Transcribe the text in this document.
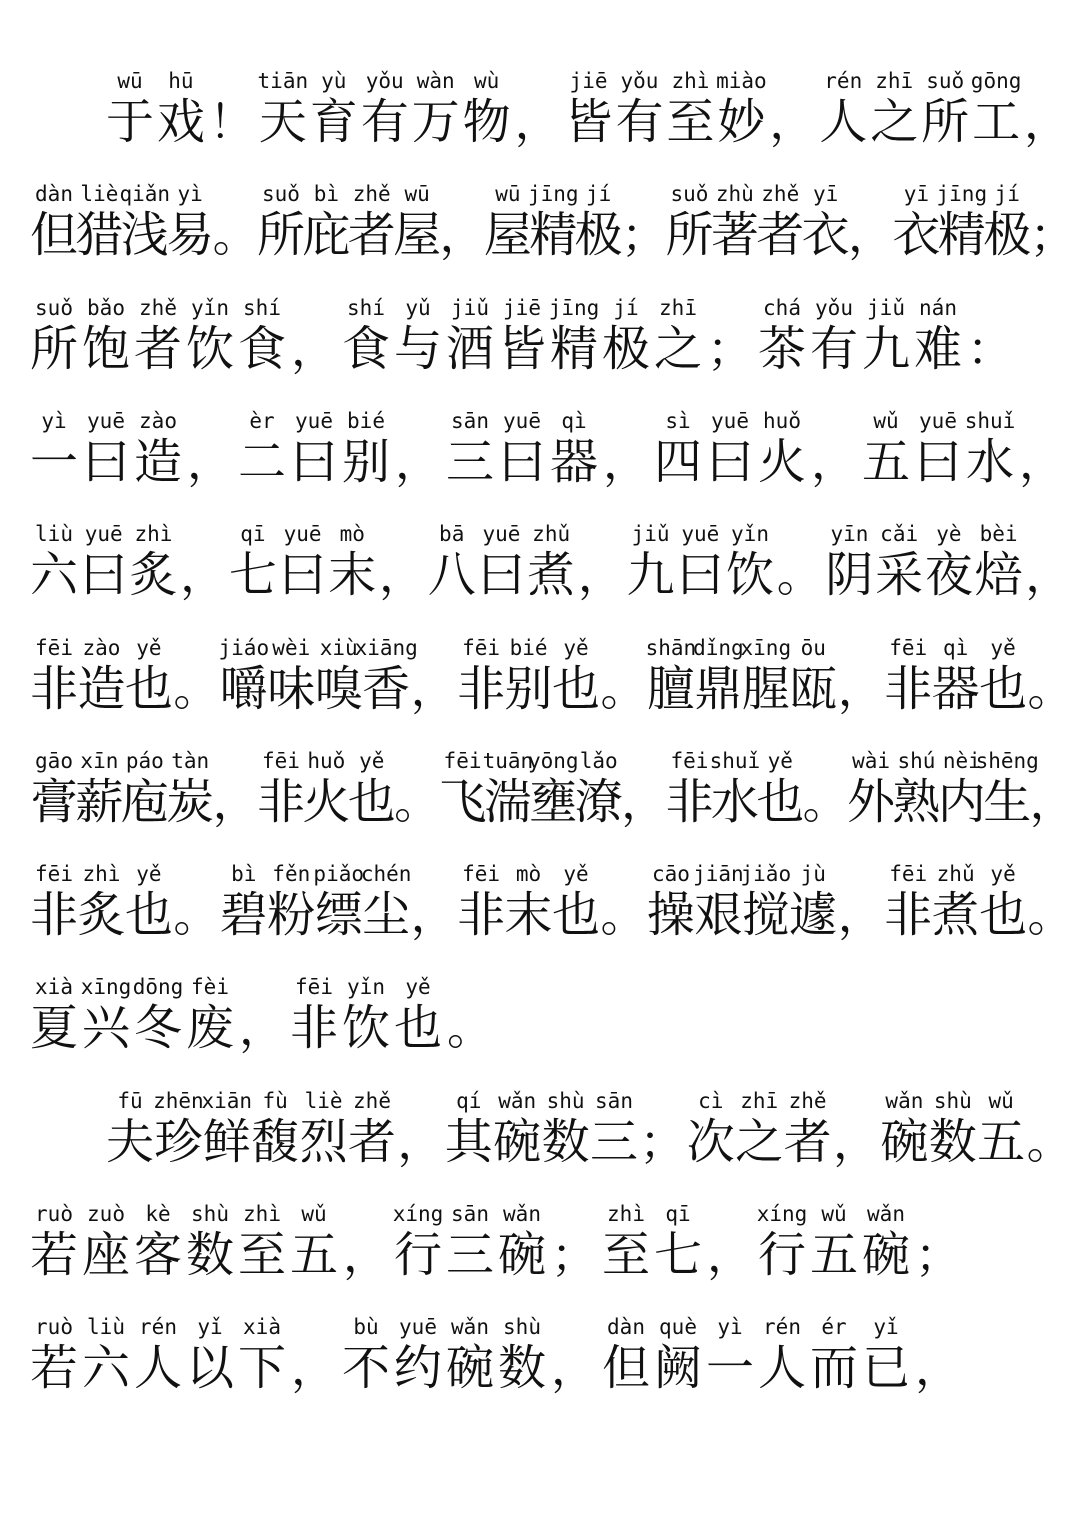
wū
于
hū
戏 ！
tiān
天
yù
育
yǒu
有
wàn
万
wù
物 ，
jiē
皆
yǒu
有
zhì
至
miào
妙 ，
rén
人
zhī
之
suǒ
所
gōng
工 ，
dàn
但
liè
猎
qiǎn
浅
yì
易
。
suǒ
所
bì
庇
zhě
者
wū
屋
，
wū
屋
jīng
精
jí
极
；
suǒ
所
zhù
著
zhě
者
yī
衣
，
yī
衣
jīng
精
jí
极
；
suǒ
所
bǎo
饱
zhě
者
yǐn
饮
shí
食 ，
shí
食
yǔ
与
jiǔ
酒
jiē
皆
jīng
精
jí
极
zhī
之 ；
chá
茶
yǒu
有
jiǔ
九
nán
难 ：
yì
一
yuē
曰
zào
造 ，
èr
二
yuē
曰
bié
别 ，
sān
三
yuē
曰
qì
器 ，
sì
四
yuē
曰
huǒ
火 ，
wǔ
五
yuē
曰
shuǐ
水 ，
liù
六
yuē
曰
zhì
炙 ，
qī
七
yuē
曰
mò
末 ，
bā
八
yuē
曰
zhǔ
煮 ，
jiǔ
九
yuē
曰
yǐn
饮 。
yīn
阴
cǎi
采
yè
夜
bèi
焙 ，
fēi
非
zào
造
yě
也 。
jiáo
嚼
wèi
味
xiù
嗅
xiāng
香 ，
fēi
非
bié
别
yě
也 。
shān
膻
dǐng
鼎
xīng
腥
ōu
瓯 ，
fēi
非
qì
器
yě
也 。
gāo
膏
xīn
薪
páo
庖
tàn
炭
，
fēi
非
huǒ
火
yě
也
。
fēi
飞
tuān
湍
yōng
壅
lǎo
潦
，
fēi
非
shuǐ
水
yě
也
。
wài
外
shú
熟
nèi
内
shēng
生
，
fēi
非
zhì
炙
yě
也 。
bì
碧
fěn
粉
piǎo
缥
chén
尘 ，
fēi
非
mò
末
yě
也 。
cāo
操
jiān
艰
jiǎo
搅
jù
遽 ，
fēi
非
zhǔ
煮
yě
也 。
xià
夏
xīng
兴
dōng
冬
fèi
废 ，
fēi
非
yǐn
饮
yě
也 。
fū
夫
zhēn
珍
xiān
鲜
fù
馥
liè
烈
zhě
者 ，
qí
其
wǎn
碗
shù
数
sān
三 ；
cì
次
zhī
之
zhě
者 ，
wǎn
碗
shù
数
wǔ
五 。
ruò
若
zuò
座
kè
客
shù
数
zhì
至
wǔ
五 ，
xíng
行
sān
三
wǎn
碗 ；
zhì
至
qī
七 ，
xíng
行
wǔ
五
wǎn
碗 ；
ruò
若
liù
六
rén
人
yǐ
以
xià
下 ，
bù
不
yuē
约
wǎn
碗
shù
数 ，
dàn
但
què
阙
yì
一
rén
人
ér
而
yǐ
已 ，
